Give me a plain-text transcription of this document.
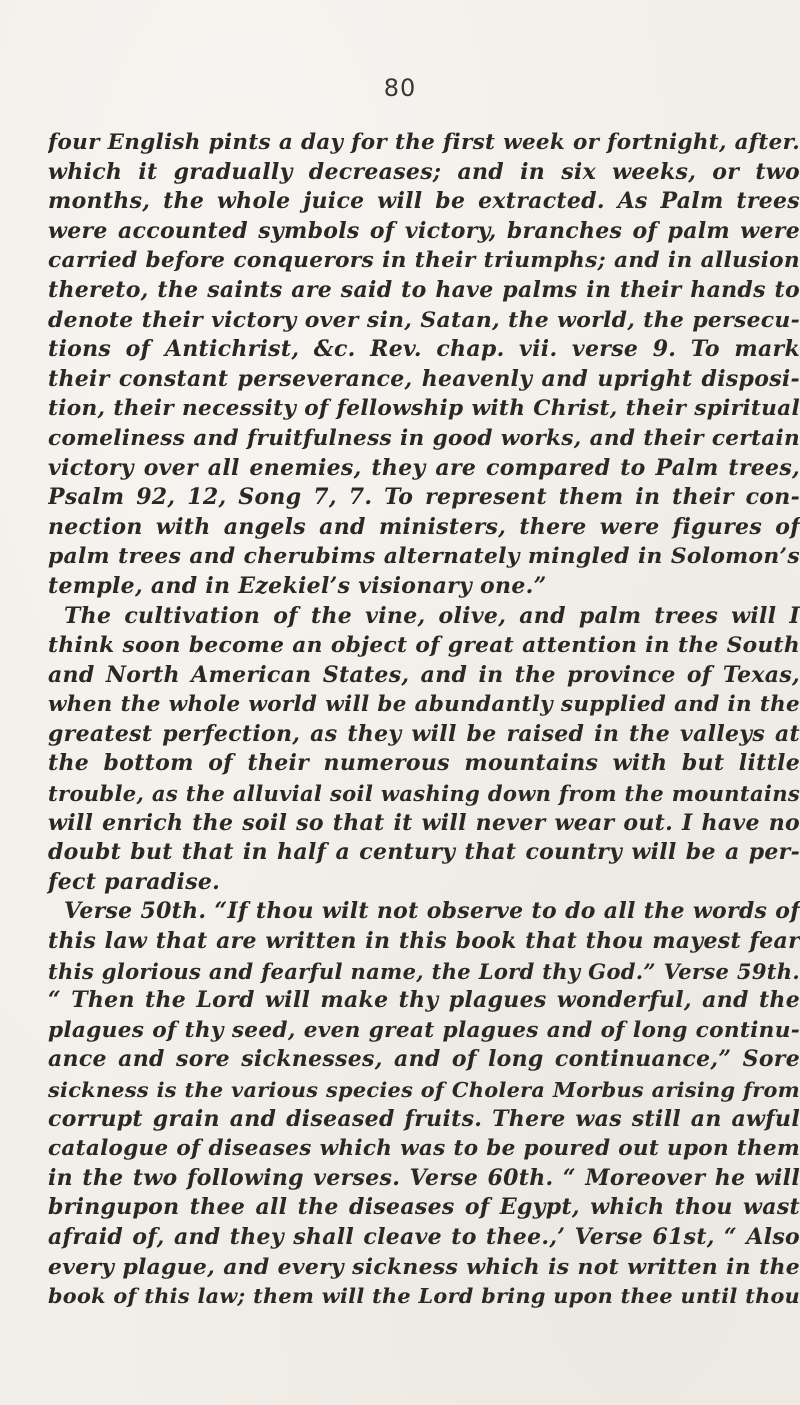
80
four English pints a day for the first week or fortnight, after.
which it gradually decreases; and in six weeks, or two
months, the whole juice will be extracted. As Palm trees
were accounted symbols of victory, branches of palm were
carried before conquerors in their triumphs; and in allusion
thereto, the saints are said to have palms in their hands to
denote their victory over sin, Satan, the world, the persecu-
tions of Antichrist, &c. Rev. chap. vii. verse 9. To mark
their constant perseverance, heavenly and upright disposi-
tion, their necessity of fellowship with Christ, their spiritual
comeliness and fruitfulness in good works, and their certain
victory over all enemies, they are compared to Palm trees,
Psalm 92, 12, Song 7, 7. To represent them in their con-
nection with angels and ministers, there were figures of
palm trees and cherubims alternately mingled in Solomon’s
temple, and in Ezekiel’s visionary one.”
The cultivation of the vine, olive, and palm trees will I
think soon become an object of great attention in the South
and North American States, and in the province of Texas,
when the whole world will be abundantly supplied and in the
greatest perfection, as they will be raised in the valleys at
the bottom of their numerous mountains with but little
trouble, as the alluvial soil washing down from the mountains
will enrich the soil so that it will never wear out. I have no
doubt but that in half a century that country will be a per-
fect paradise.
Verse 50th. “If thou wilt not observe to do all the words of
this law that are written in this book that thou mayest fear
this glorious and fearful name, the Lord thy God.” Verse 59th.
“ Then the Lord will make thy plagues wonderful, and the
plagues of thy seed, even great plagues and of long continu-
ance and sore sicknesses, and of long continuance,” Sore
sickness is the various species of Cholera Morbus arising from
corrupt grain and diseased fruits. There was still an awful
catalogue of diseases which was to be poured out upon them
in the two following verses. Verse 60th. “ Moreover he will
bringupon thee all the diseases of Egypt, which thou wast
afraid of, and they shall cleave to thee.,’ Verse 61st, “ Also
every plague, and every sickness which is not written in the
book of this law; them will the Lord bring upon thee until thou
